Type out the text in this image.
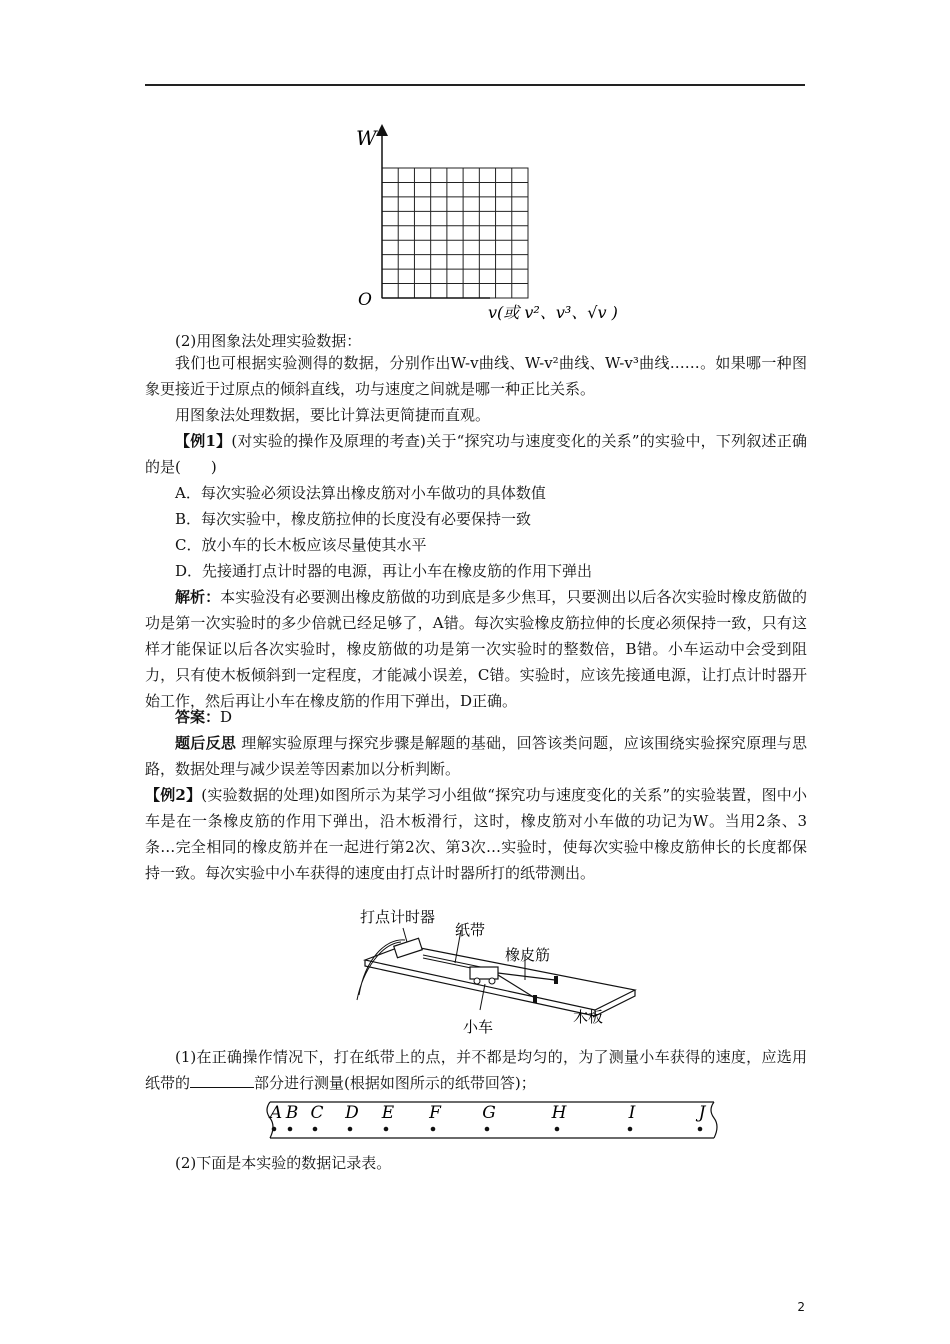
W
O
v(或 v²、v³、√v )

(2)用图象法处理实验数据：

我们也可根据实验测得的数据，分别作出W-v曲线、W-v²曲线、W-v³曲线……。如果哪一种图象更接近于过原点的倾斜直线，功与速度之间就是哪一种正比关系。

用图象法处理数据，要比计算法更简捷而直观。

【例1】(对实验的操作及原理的考查)关于“探究功与速度变化的关系”的实验中，下列叙述正确的是(　　)

A．每次实验必须设法算出橡皮筋对小车做功的具体数值

B．每次实验中，橡皮筋拉伸的长度没有必要保持一致

C．放小车的长木板应该尽量使其水平

D．先接通打点计时器的电源，再让小车在橡皮筋的作用下弹出

解析：本实验没有必要测出橡皮筋做的功到底是多少焦耳，只要测出以后各次实验时橡皮筋做的功是第一次实验时的多少倍就已经足够了，A错。每次实验橡皮筋拉伸的长度必须保持一致，只有这样才能保证以后各次实验时，橡皮筋做的功是第一次实验时的整数倍，B错。小车运动中会受到阻力，只有使木板倾斜到一定程度，才能减小误差，C错。实验时，应该先接通电源，让打点计时器开始工作，然后再让小车在橡皮筋的作用下弹出，D正确。

答案：D

题后反思 理解实验原理与探究步骤是解题的基础，回答该类问题，应该围绕实验探究原理与思路，数据处理与减少误差等因素加以分析判断。

【例2】(实验数据的处理)如图所示为某学习小组做“探究功与速度变化的关系”的实验装置，图中小车是在一条橡皮筋的作用下弹出，沿木板滑行，这时，橡皮筋对小车做的功记为W。当用2条、3条…完全相同的橡皮筋并在一起进行第2次、第3次…实验时，使每次实验中橡皮筋伸长的长度都保持一致。每次实验中小车获得的速度由打点计时器所打的纸带测出。

打点计时器
纸带
橡皮筋
木板
小车

(1)在正确操作情况下，打在纸带上的点，并不都是均匀的，为了测量小车获得的速度，应选用纸带的	部分进行测量(根据如图所示的纸带回答)；

A B C D E F G	H	I	J

(2)下面是本实验的数据记录表。

2
